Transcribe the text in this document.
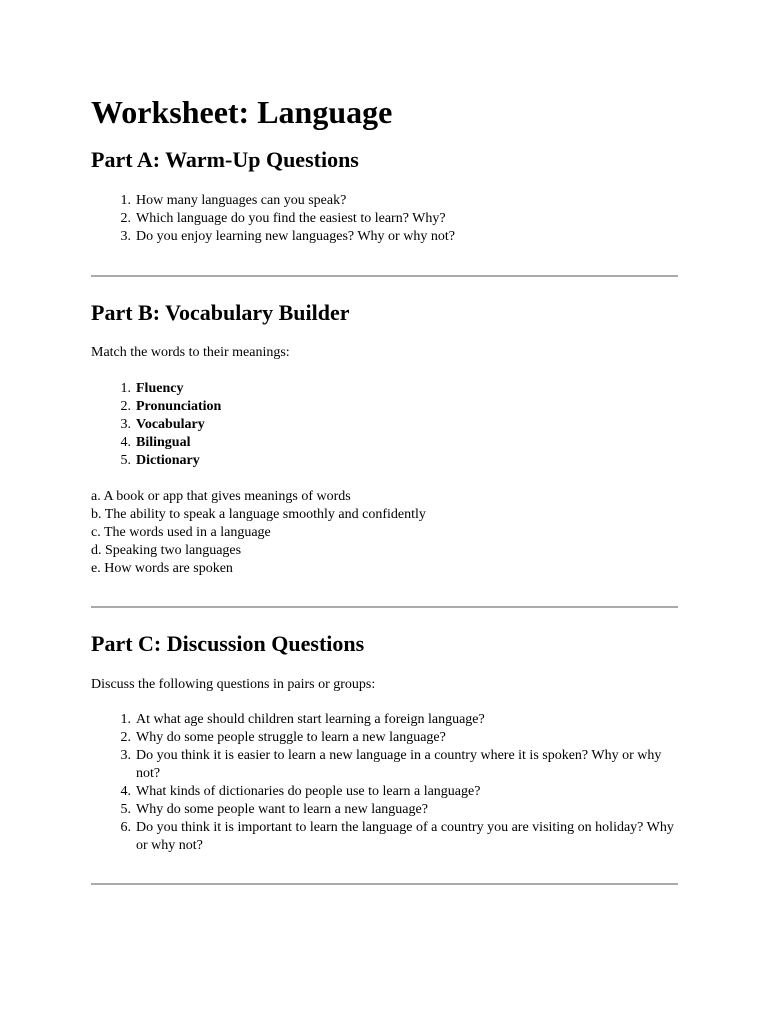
Worksheet: Language
Part A: Warm-Up Questions
1. How many languages can you speak?
2. Which language do you find the easiest to learn? Why?
3. Do you enjoy learning new languages? Why or why not?
Part B: Vocabulary Builder

Match the words to their meanings:

1. Fluency
2. Pronunciation
3. Vocabulary
4. Bilingual
5. Dictionary
a. A book or app that gives meanings of words
b. The ability to speak a language smoothly and confidently
c. The words used in a language
d. Speaking two languages
e. How words are spoken
Part C: Discussion Questions

Discuss the following questions in pairs or groups:

1. At what age should children start learning a foreign language?
2. Why do some people struggle to learn a new language?
3. Do you think it is easier to learn a new language in a country where it is spoken? Why or why not?
4. What kinds of dictionaries do people use to learn a language?
5. Why do some people want to learn a new language?
6. Do you think it is important to learn the language of a country you are visiting on holiday? Why or why not?
